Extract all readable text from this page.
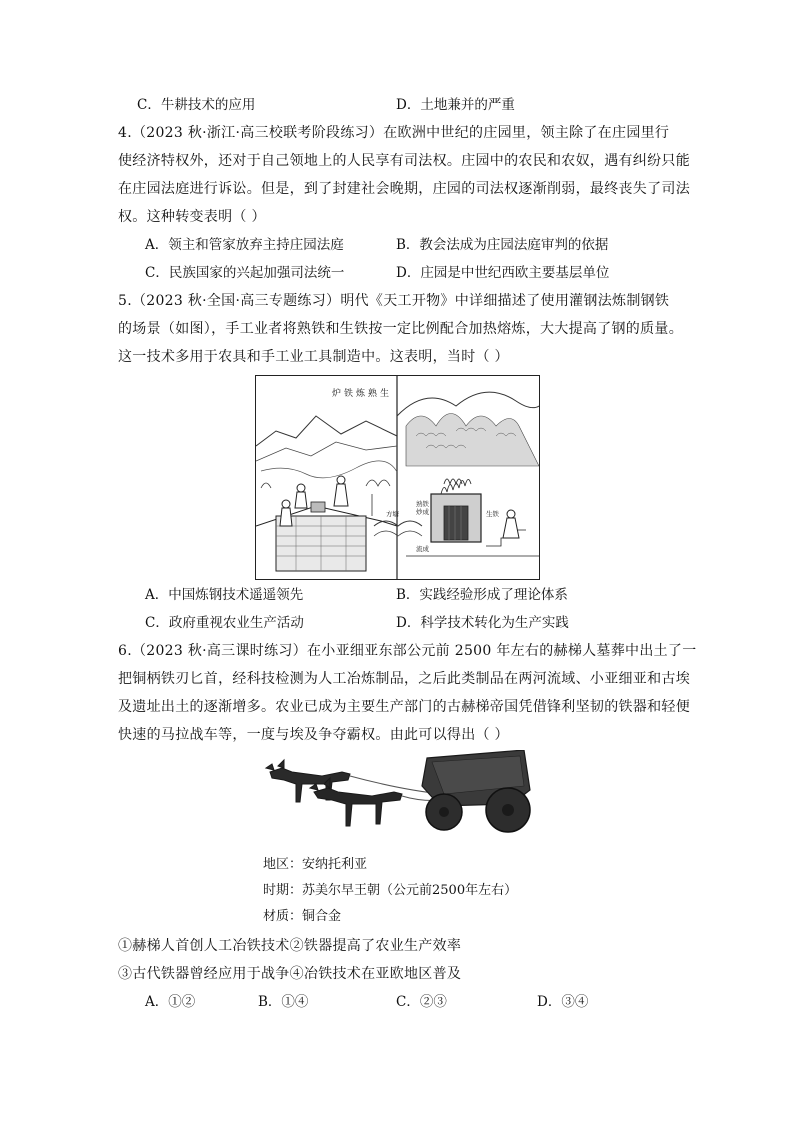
C．牛耕技术的应用	D．土地兼并的严重
4.（2023 秋·浙江·高三校联考阶段练习）在欧洲中世纪的庄园里，领主除了在庄园里行
使经济特权外，还对于自己领地上的人民享有司法权。庄园中的农民和农奴，遇有纠纷只能
在庄园法庭进行诉讼。但是，到了封建社会晚期，庄园的司法权逐渐削弱，最终丧失了司法
权。这种转变表明（ ）
A．领主和管家放弃主持庄园法庭	B．教会法成为庄园法庭审判的依据
C．民族国家的兴起加强司法统一	D．庄园是中世纪西欧主要基层单位
5.（2023 秋·全国·高三专题练习）明代《天工开物》中详细描述了使用灌钢法炼制钢铁
的场景（如图），手工业者将熟铁和生铁按一定比例配合加热熔炼，大大提高了钢的质量。
这一技术多用于农具和手工业工具制造中。这表明，当时（ ）
生
熟
炼
铁
炉
熟铁
炒成	生铁
方塘
流成
A．中国炼钢技术遥遥领先	B．实践经验形成了理论体系
C．政府重视农业生产活动	D．科学技术转化为生产实践
6.（2023 秋·高三课时练习）在小亚细亚东部公元前 2500 年左右的赫梯人墓葬中出土了一
把铜柄铁刃匕首，经科技检测为人工冶炼制品，之后此类制品在两河流域、小亚细亚和古埃
及遗址出土的逐渐增多。农业已成为主要生产部门的古赫梯帝国凭借锋利坚韧的铁器和轻便
快速的马拉战车等，一度与埃及争夺霸权。由此可以得出（ ）
地区：安纳托利亚
时期：苏美尔早王朝（公元前2500年左右）
材质：铜合金
①赫梯人首创人工冶铁技术②铁器提高了农业生产效率
③古代铁器曾经应用于战争④冶铁技术在亚欧地区普及
A．①②	B．①④	C．②③	D．③④
